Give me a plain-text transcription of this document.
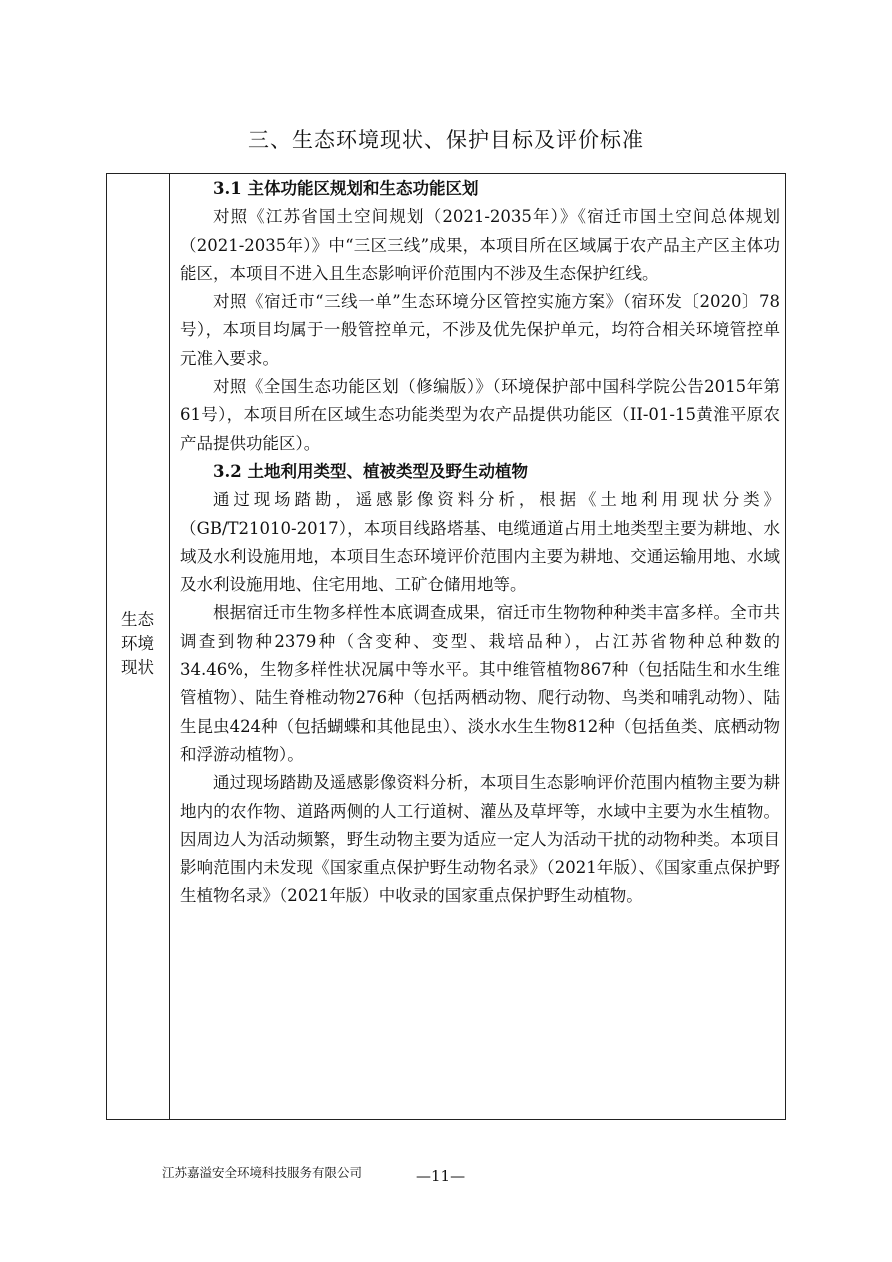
三、生态环境现状、保护目标及评价标准
生态
环境
现状

3.1 主体功能区规划和生态功能区划

对照《江苏省国土空间规划（2021-2035年）》《宿迁市国土空间总体规划（2021-2035年）》中“三区三线”成果，本项目所在区域属于农产品主产区主体功能区，本项目不进入且生态影响评价范围内不涉及生态保护红线。

对照《宿迁市“三线一单”生态环境分区管控实施方案》（宿环发〔2020〕78号），本项目均属于一般管控单元，不涉及优先保护单元，均符合相关环境管控单元准入要求。

对照《全国生态功能区划（修编版）》（环境保护部中国科学院公告2015年第61号），本项目所在区域生态功能类型为农产品提供功能区（II-01-15黄淮平原农产品提供功能区）。

3.2 土地利用类型、植被类型及野生动植物

通过现场踏勘，遥感影像资料分析，根据《土地利用现状分类》（GB/T21010-2017），本项目线路塔基、电缆通道占用土地类型主要为耕地、水域及水利设施用地，本项目生态环境评价范围内主要为耕地、交通运输用地、水域及水利设施用地、住宅用地、工矿仓储用地等。

根据宿迁市生物多样性本底调查成果，宿迁市生物物种种类丰富多样。全市共调查到物种2379种（含变种、变型、栽培品种），占江苏省物种总种数的34.46%，生物多样性状况属中等水平。其中维管植物867种（包括陆生和水生维管植物）、陆生脊椎动物276种（包括两栖动物、爬行动物、鸟类和哺乳动物）、陆生昆虫424种（包括蝴蝶和其他昆虫）、淡水水生生物812种（包括鱼类、底栖动物和浮游动植物）。

通过现场踏勘及遥感影像资料分析，本项目生态影响评价范围内植物主要为耕地内的农作物、道路两侧的人工行道树、灌丛及草坪等，水域中主要为水生植物。因周边人为活动频繁，野生动物主要为适应一定人为活动干扰的动物种类。本项目影响范围内未发现《国家重点保护野生动物名录》（2021年版）、《国家重点保护野生植物名录》（2021年版）中收录的国家重点保护野生动植物。

江苏嘉溢安全环境科技服务有限公司	—11—
